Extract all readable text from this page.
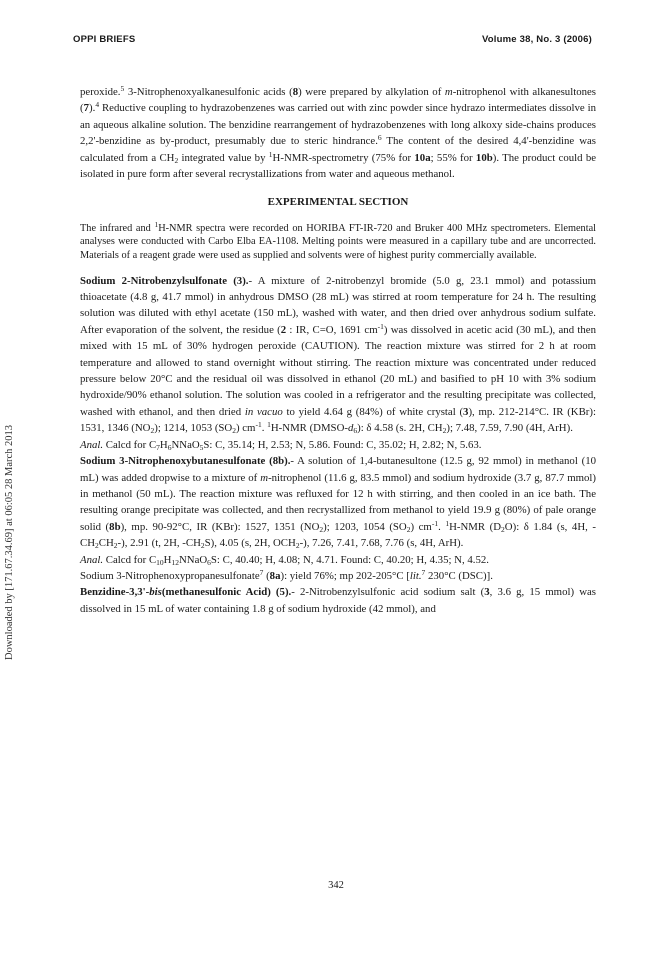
OPPI BRIEFS	Volume 38, No. 3 (2006)
Downloaded by [171.67.34.69] at 06:05 28 March 2013

peroxide.$^5$ 3-Nitrophenoxyalkanesulfonic acids (8) were prepared by alkylation of m-nitrophenol with alkanesultones (7).$^4$ Reductive coupling to hydrazobenzenes was carried out with zinc powder since hydrazo intermediates dissolve in an aqueous alkaline solution. The benzidine rearrangement of hydrazobenzenes with long alkoxy side-chains produces 2,2'-benzidine as by-product, presumably due to steric hindrance.$^6$ The content of the desired 4,4'-benzidine was calculated from a $CH_2$ integrated value by $^1$H-NMR-spectrometry (75% for 10a; 55% for 10b). The product could be isolated in pure form after several recrystallizations from water and aqueous methanol.

EXPERIMENTAL SECTION

The infrared and $^1$H-NMR spectra were recorded on HORIBA FT-IR-720 and Bruker 400 MHz spectrometers. Elemental analyses were conducted with Carbo Elba EA-1108. Melting points were measured in a capillary tube and are uncorrected. Materials of a reagent grade were used as supplied and solvents were of highest purity commercially available.

Sodium 2-Nitrobenzylsulfonate (3).- A mixture of 2-nitrobenzyl bromide (5.0 g, 23.1 mmol) and potassium thioacetate (4.8 g, 41.7 mmol) in anhydrous DMSO (28 mL) was stirred at room temperature for 24 h. The resulting solution was diluted with ethyl acetate (150 mL), washed with water, and then dried over anhydrous sodium sulfate. After evaporation of the solvent, the residue (2 : IR, C=O, 1691 $cm^{-1}$) was dissolved in acetic acid (30 mL), and then mixed with 15 mL of 30% hydrogen peroxide (CAUTION). The reaction mixture was stirred for 2 h at room temperature and allowed to stand overnight without stirring. The reaction mixture was concentrated under reduced pressure below 20°C and the residual oil was dissolved in ethanol (20 mL) and basified to pH 10 with 3% sodium hydroxide/90% ethanol solution. The solution was cooled in a refrigerator and the resulting precipitate was collected, washed with ethanol, and then dried in vacuo to yield 4.64 g (84%) of white crystal (3), mp. 212-214°C. IR (KBr): 1531, 1346 $(NO_2)$; 1214, 1053 $(SO_2)$ $cm^{-1}$. $^1$H-NMR $(DMSO-d_6)$: δ 4.58 (s. 2H, $CH_2$); 7.48, 7.59, 7.90 (4H, ArH).

Anal. Calcd for $C_7H_6NNaO_5S$: C, 35.14; H, 2.53; N, 5.86. Found: C, 35.02; H, 2.82; N, 5.63.

Sodium 3-Nitrophenoxybutanesulfonate (8b).- A solution of 1,4-butanesultone (12.5 g, 92 mmol) in methanol (10 mL) was added dropwise to a mixture of m-nitrophenol (11.6 g, 83.5 mmol) and sodium hydroxide (3.7 g, 87.7 mmol) in methanol (50 mL). The reaction mixture was refluxed for 12 h with stirring, and then cooled in an ice bath. The resulting orange precipitate was collected, and then recrystallized from methanol to yield 19.9 g (80%) of pale orange solid (8b), mp. 90-92°C, IR (KBr): 1527, 1351 $(NO_2)$; 1203, 1054 $(SO_2)$ $cm^{-1}$. $^1$H-NMR $(D_2O)$: δ 1.84 (s, 4H, $-CH_2CH_2-$), 2.91 (t, 2H, $-CH_2S$), 4.05 (s, 2H, $OCH_2-$), 7.26, 7.41, 7.68, 7.76 (s, 4H, ArH).

Anal. Calcd for $C_{10}H_{12}NNaO_6S$: C, 40.40; H, 4.08; N, 4.71. Found: C, 40.20; H, 4.35; N, 4.52.

Sodium 3-Nitrophenoxypropanesulfonate$^7$ (8a): yield 76%; mp 202-205°C [lit.$^7$ 230°C (DSC)].

Benzidine-3,3'-bis(methanesulfonic Acid) (5).- 2-Nitrobenzylsulfonic acid sodium salt (3, 3.6 g, 15 mmol) was dissolved in 15 mL of water containing 1.8 g of sodium hydroxide (42 mmol), and

342
